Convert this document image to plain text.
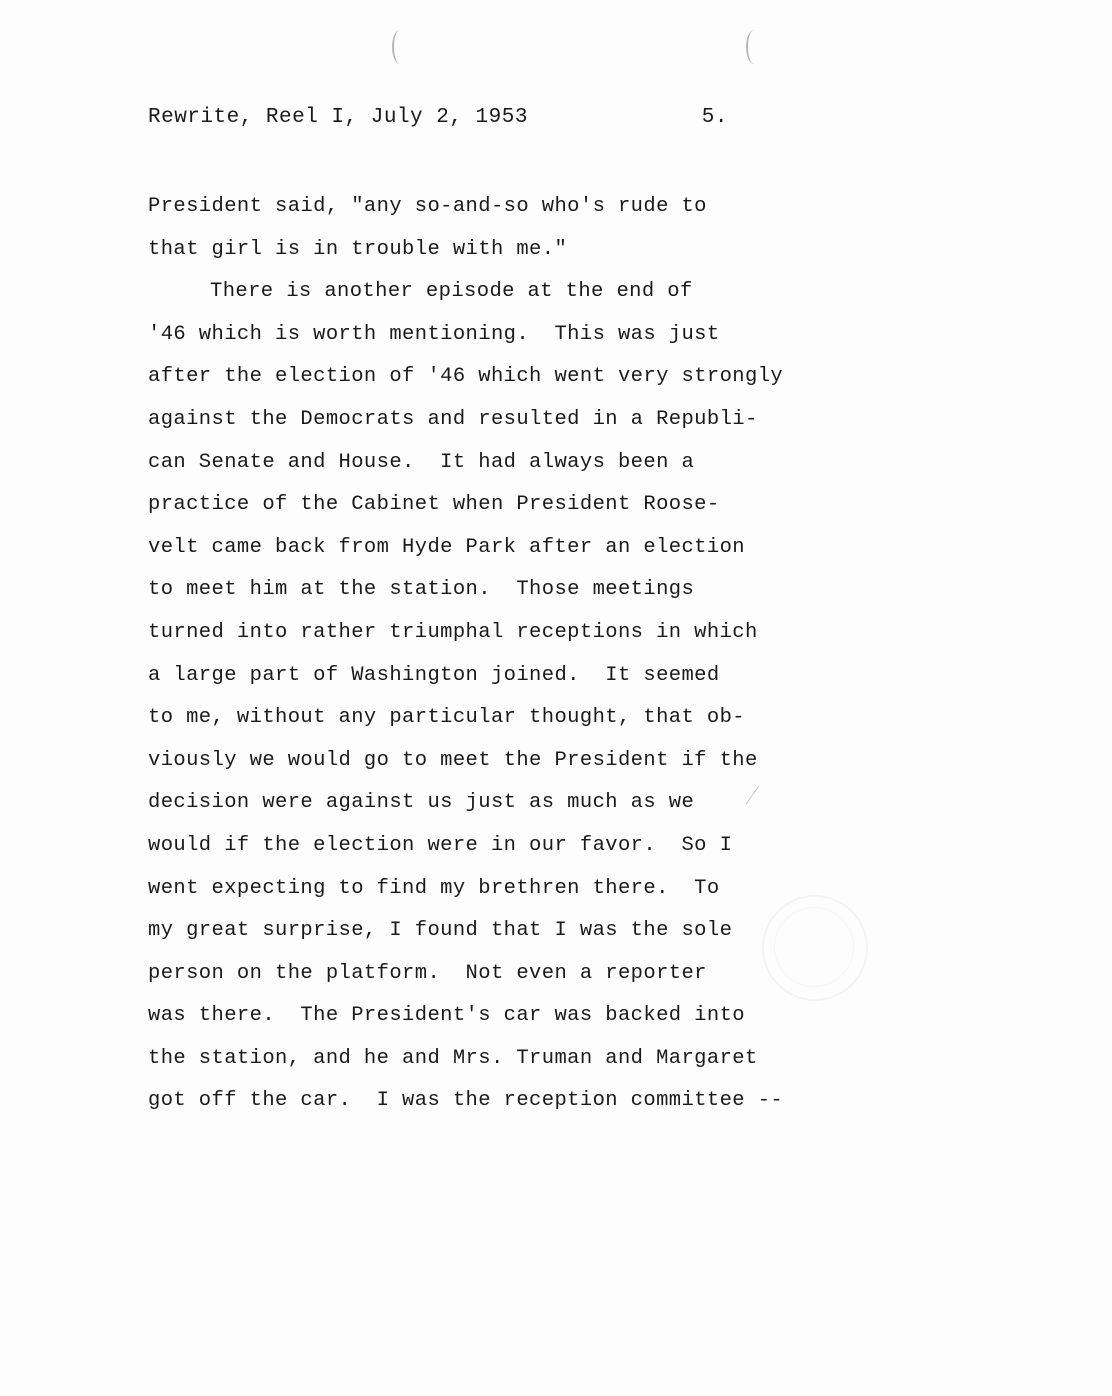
Rewrite, Reel I, July 2, 1953	5.
President said, "any so-and-so who's rude to
that girl is in trouble with me."
There is another episode at the end of
'46 which is worth mentioning.  This was just
after the election of '46 which went very strongly
against the Democrats and resulted in a Republi-
can Senate and House.  It had always been a
practice of the Cabinet when President Roose-
velt came back from Hyde Park after an election
to meet him at the station.  Those meetings
turned into rather triumphal receptions in which
a large part of Washington joined.  It seemed
to me, without any particular thought, that ob-
viously we would go to meet the President if the
decision were against us just as much as we
would if the election were in our favor.  So I
went expecting to find my brethren there.  To
my great surprise, I found that I was the sole
person on the platform.  Not even a reporter
was there.  The President's car was backed into
the station, and he and Mrs. Truman and Margaret
got off the car.  I was the reception committee --
